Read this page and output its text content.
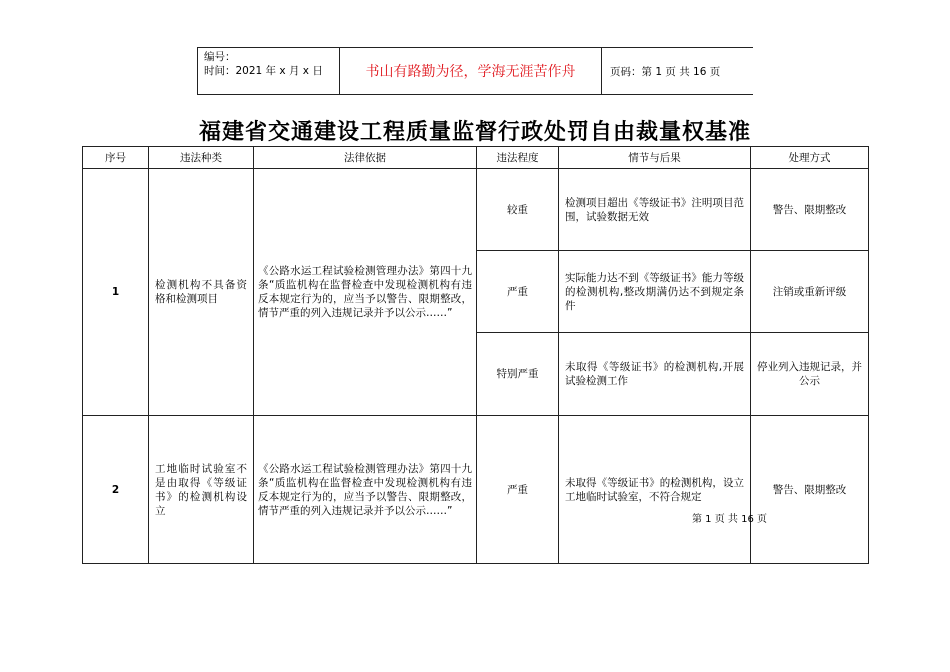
编号：
时间：2021 年 x 月 x 日	书山有路勤为径，学海无涯苦作舟	页码：第 1 页 共 16 页
福建省交通建设工程质量监督行政处罚自由裁量权基准
序号	违法种类	法律依据	违法程度	情节与后果	处理方式
1	检测机构不具备资格和检测项目	《公路水运工程试验检测管理办法》第四十九条“质监机构在监督检查中发现检测机构有违反本规定行为的，应当予以警告、限期整改，情节严重的列入违规记录并予以公示……”	较重	检测项目超出《等级证书》注明项目范围，试验数据无效	警告、限期整改
			严重	实际能力达不到《等级证书》能力等级的检测机构,整改期满仍达不到规定条件	注销或重新评级
			特别严重	未取得《等级证书》的检测机构,开展试验检测工作	停业列入违规记录，并公示
2	工地临时试验室不是由取得《等级证书》的检测机构设立	《公路水运工程试验检测管理办法》第四十九条“质监机构在监督检查中发现检测机构有违反本规定行为的，应当予以警告、限期整改，情节严重的列入违规记录并予以公示……”	严重	未取得《等级证书》的检测机构，设立工地临时试验室，不符合规定	警告、限期整改
第 1 页 共 16 页
